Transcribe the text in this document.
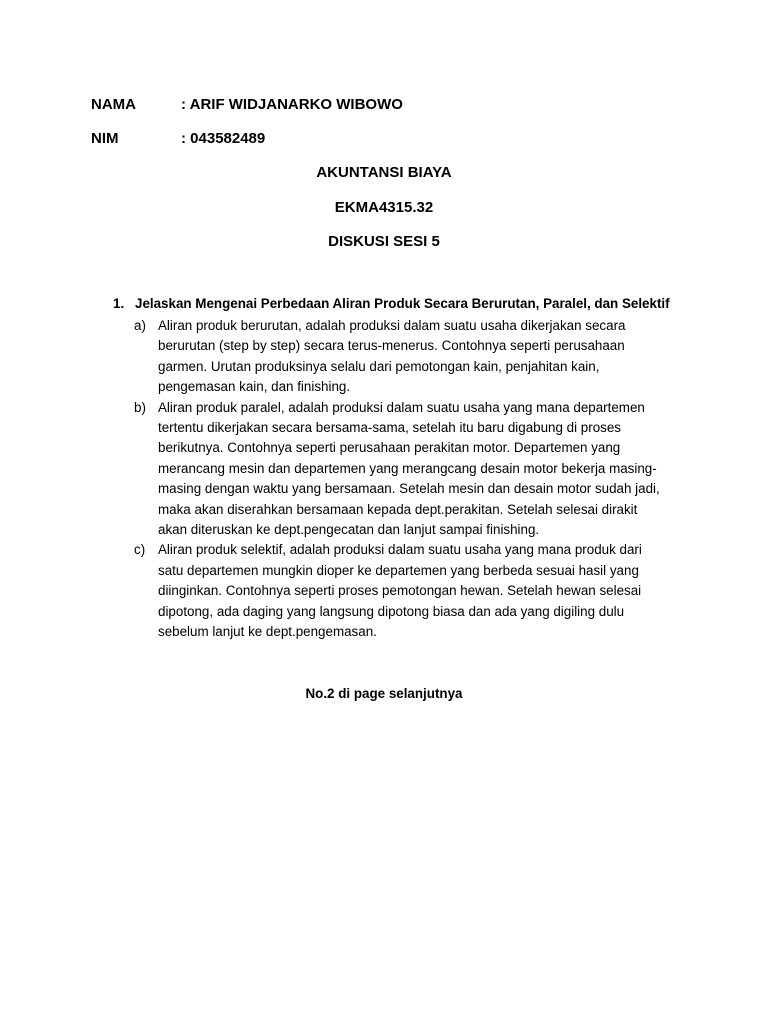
NAMA	: ARIF WIDJANARKO WIBOWO
NIM	: 043582489
AKUNTANSI BIAYA
EKMA4315.32
DISKUSI SESI 5
1. Jelaskan Mengenai Perbedaan Aliran Produk Secara Berurutan, Paralel, dan Selektif
a) Aliran produk berurutan, adalah produksi dalam suatu usaha dikerjakan secara
berurutan (step by step) secara terus-menerus. Contohnya seperti perusahaan
garmen. Urutan produksinya selalu dari pemotongan kain, penjahitan kain,
pengemasan kain, dan finishing.
b) Aliran produk paralel, adalah produksi dalam suatu usaha yang mana departemen
tertentu dikerjakan secara bersama-sama, setelah itu baru digabung di proses
berikutnya. Contohnya seperti perusahaan perakitan motor. Departemen yang
merancang mesin dan departemen yang merangcang desain motor bekerja masing-
masing dengan waktu yang bersamaan. Setelah mesin dan desain motor sudah jadi,
maka akan diserahkan bersamaan kepada dept.perakitan. Setelah selesai dirakit
akan diteruskan ke dept.pengecatan dan lanjut sampai finishing.
c) Aliran produk selektif, adalah produksi dalam suatu usaha yang mana produk dari
satu departemen mungkin dioper ke departemen yang berbeda sesuai hasil yang
diinginkan. Contohnya seperti proses pemotongan hewan. Setelah hewan selesai
dipotong, ada daging yang langsung dipotong biasa dan ada yang digiling dulu
sebelum lanjut ke dept.pengemasan.
No.2 di page selanjutnya
